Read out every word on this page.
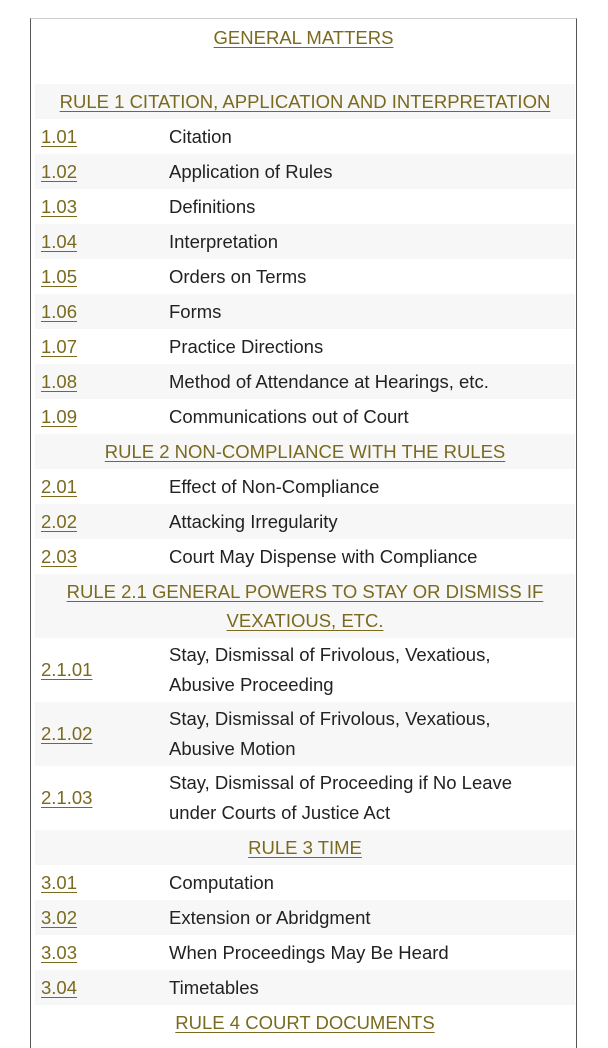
GENERAL MATTERS
RULE 1 CITATION, APPLICATION AND INTERPRETATION	
1.01	Citation
1.02	Application of Rules
1.03	Definitions
1.04	Interpretation
1.05	Orders on Terms
1.06	Forms
1.07	Practice Directions
1.08	Method of Attendance at Hearings, etc.
1.09	Communications out of Court
RULE 2 NON-COMPLIANCE WITH THE RULES	
2.01	Effect of Non-Compliance
2.02	Attacking Irregularity
2.03	Court May Dispense with Compliance
RULE 2.1 GENERAL POWERS TO STAY OR DISMISS IF
VEXATIOUS, ETC.	
2.1.01	Stay, Dismissal of Frivolous, Vexatious,
Abusive Proceeding
2.1.02	Stay, Dismissal of Frivolous, Vexatious,
Abusive Motion
2.1.03	Stay, Dismissal of Proceeding if No Leave
under Courts of Justice Act
RULE 3 TIME	
3.01	Computation
3.02	Extension or Abridgment
3.03	When Proceedings May Be Heard
3.04	Timetables
RULE 4 COURT DOCUMENTS	
